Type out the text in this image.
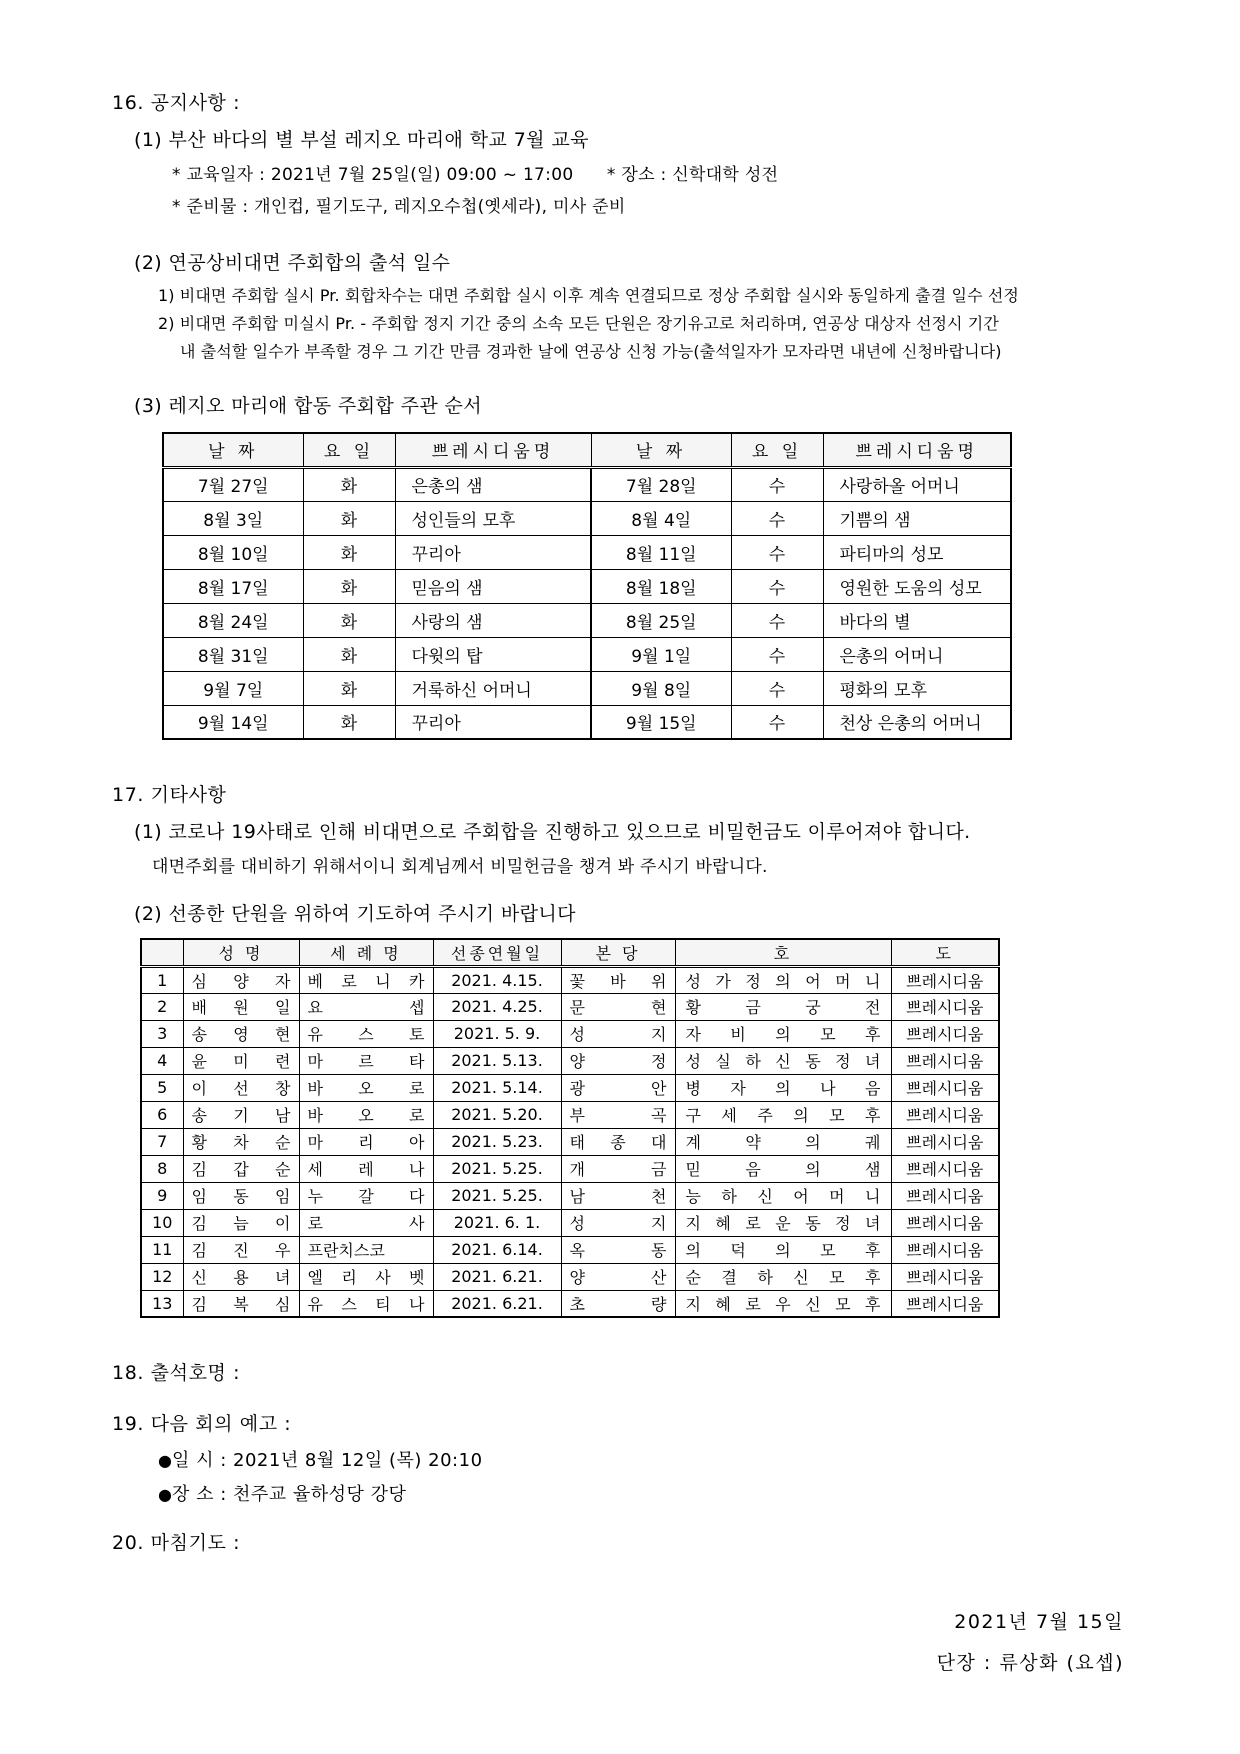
16. 공지사항 :
(1) 부산 바다의 별 부설 레지오 마리애 학교 7월 교육
* 교육일자 : 2021년 7월 25일(일) 09:00 ~ 17:00 * 장소 : 신학대학 성전
* 준비물 : 개인컵, 필기도구, 레지오수첩(옛세라), 미사 준비
(2) 연공상비대면 주회합의 출석 일수
1) 비대면 주회합 실시 Pr. 회합차수는 대면 주회합 실시 이후 계속 연결되므로 정상 주회합 실시와 동일하게 출결 일수 선정
2) 비대면 주회합 미실시 Pr. - 주회합 정지 기간 중의 소속 모든 단원은 장기유고로 처리하며, 연공상 대상자 선정시 기간
내 출석할 일수가 부족할 경우 그 기간 만큼 경과한 날에 연공상 신청 가능(출석일자가 모자라면 내년에 신청바랍니다)
(3) 레지오 마리애 합동 주회합 주관 순서
날 짜	요 일	쁘레시디움명	날 짜	요 일	쁘레시디움명
7월 27일	화	은총의 샘	7월 28일	수	사랑하올 어머니
8월 3일	화	성인들의 모후	8월 4일	수	기쁨의 샘
8월 10일	화	꾸리아	8월 11일	수	파티마의 성모
8월 17일	화	믿음의 샘	8월 18일	수	영원한 도움의 성모
8월 24일	화	사랑의 샘	8월 25일	수	바다의 별
8월 31일	화	다윗의 탑	9월 1일	수	은총의 어머니
9월 7일	화	거룩하신 어머니	9월 8일	수	평화의 모후
9월 14일	화	꾸리아	9월 15일	수	천상 은총의 어머니
17. 기타사항
(1) 코로나 19사태로 인해 비대면으로 주회합을 진행하고 있으므로 비밀헌금도 이루어져야 합니다.
대면주회를 대비하기 위해서이니 회계님께서 비밀헌금을 챙겨 봐 주시기 바랍니다.
(2) 선종한 단원을 위하여 기도하여 주시기 바랍니다
	성 명	세 례 명	선종연월일	본 당	호	도
1	심 양 자	베 로 니 카	2021. 4.15.	꽃 바 위	성 가 정 의 어 머 니	쁘레시디움
2	배 원 일	요 셉	2021. 4.25.	문 현	황 금 궁 전	쁘레시디움
3	송 영 현	유 스 토	2021. 5. 9.	성 지	자 비 의 모 후	쁘레시디움
4	윤 미 련	마 르 타	2021. 5.13.	양 정	성 실 하 신 동 정 녀	쁘레시디움
5	이 선 창	바 오 로	2021. 5.14.	광 안	병 자 의 나 음	쁘레시디움
6	송 기 남	바 오 로	2021. 5.20.	부 곡	구 세 주 의 모 후	쁘레시디움
7	황 차 순	마 리 아	2021. 5.23.	태 종 대	계 약 의 궤	쁘레시디움
8	김 갑 순	세 레 나	2021. 5.25.	개 금	믿 음 의 샘	쁘레시디움
9	임 동 임	누 갈 다	2021. 5.25.	남 천	능 하 신 어 머 니	쁘레시디움
10	김 늠 이	로 사	2021. 6. 1.	성 지	지 혜 로 운 동 정 녀	쁘레시디움
11	김 진 우	프란치스코	2021. 6.14.	옥 동	의 덕 의 모 후	쁘레시디움
12	신 용 녀	엘 리 사 벳	2021. 6.21.	양 산	순 결 하 신 모 후	쁘레시디움
13	김 복 심	유 스 티 나	2021. 6.21.	초 량	지 혜 로 우 신 모 후	쁘레시디움
18. 출석호명 :
19. 다음 회의 예고 :
●일 시 : 2021년 8월 12일 (목) 20:10
●장 소 : 천주교 율하성당 강당
20. 마침기도 :
2021년 7월 15일
단장 : 류상화 (요셉)
